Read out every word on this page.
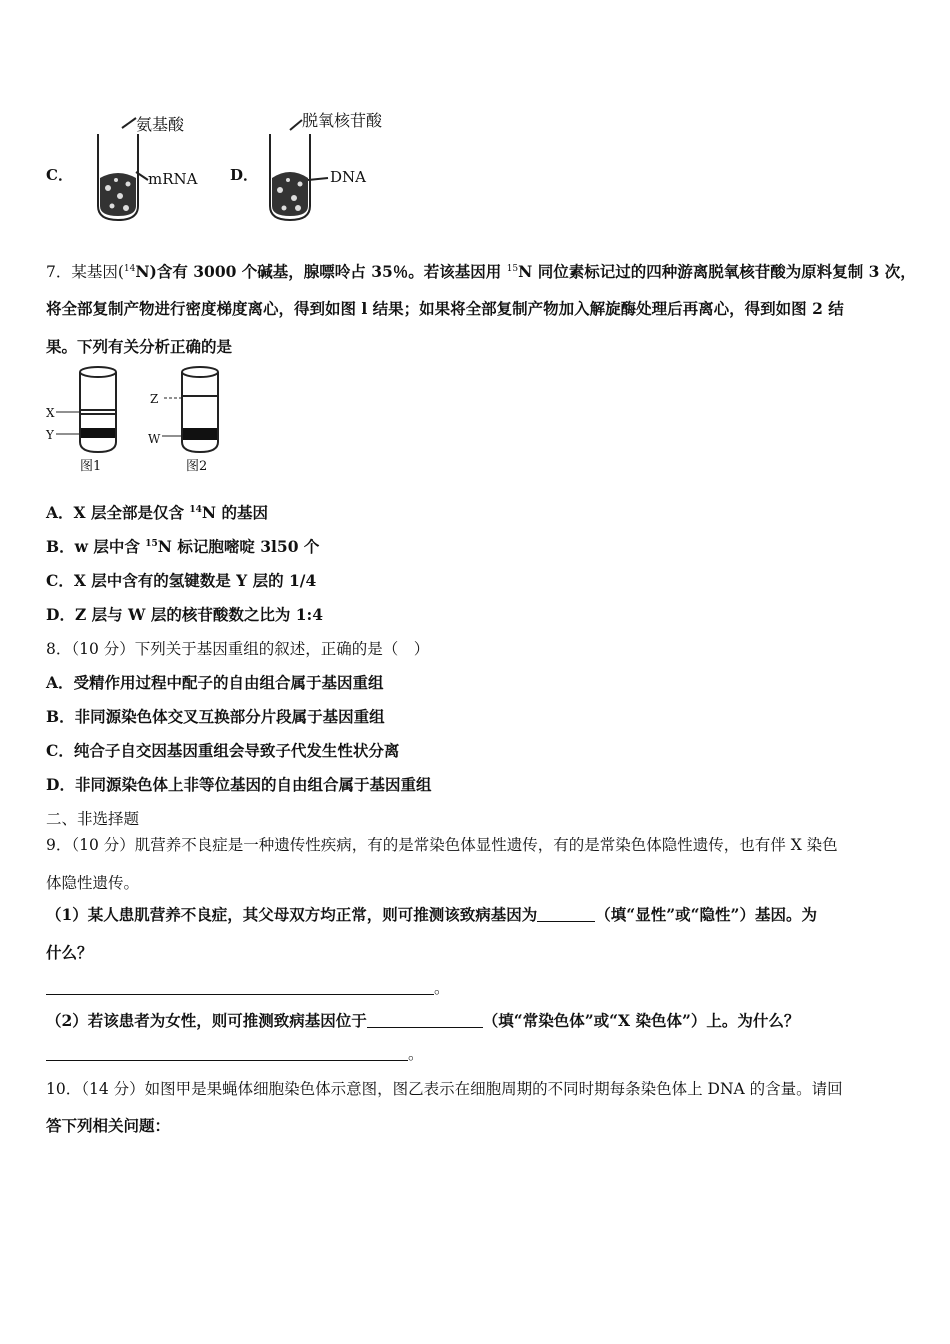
C．
氨基酸
mRNA D．
脱氧核苷酸
DNA
7．某基因($^{14}$N)含有 3000 个碱基，腺嘌呤占 35％。若该基因用 $^{15}$N 同位素标记过的四种游离脱氧核苷酸为原料复制 3 次，
将全部复制产物进行密度梯度离心，得到如图 l 结果；如果将全部复制产物加入解旋酶处理后再离心，得到如图 2 结
果。下列有关分析正确的是
X
Y
Z
W
图1	图2
A．X 层全部是仅含 $^{14}$N 的基因
B．w 层中含 $^{15}$N 标记胞嘧啶 3l50 个
C．X 层中含有的氢键数是 Y 层的 1/4
D．Z 层与 W 层的核苷酸数之比为 1:4
8．（10 分）下列关于基因重组的叙述，正确的是（　）
A．受精作用过程中配子的自由组合属于基因重组
B．非同源染色体交叉互换部分片段属于基因重组
C．纯合子自交因基因重组会导致子代发生性状分离
D．非同源染色体上非等位基因的自由组合属于基因重组
二、非选择题
9．（10 分）肌营养不良症是一种遗传性疾病，有的是常染色体显性遗传，有的是常染色体隐性遗传，也有伴 X 染色
体隐性遗传。
（1）某人患肌营养不良症，其父母双方均正常，则可推测该致病基因为	（填“显性”或“隐性”）基因。为
什么？
。
（2）若该患者为女性，则可推测致病基因位于	（填“常染色体”或“X 染色体”）上。为什么？
。
10．（14 分）如图甲是果蝇体细胞染色体示意图，图乙表示在细胞周期的不同时期每条染色体上 DNA 的含量。请回
答下列相关问题：
